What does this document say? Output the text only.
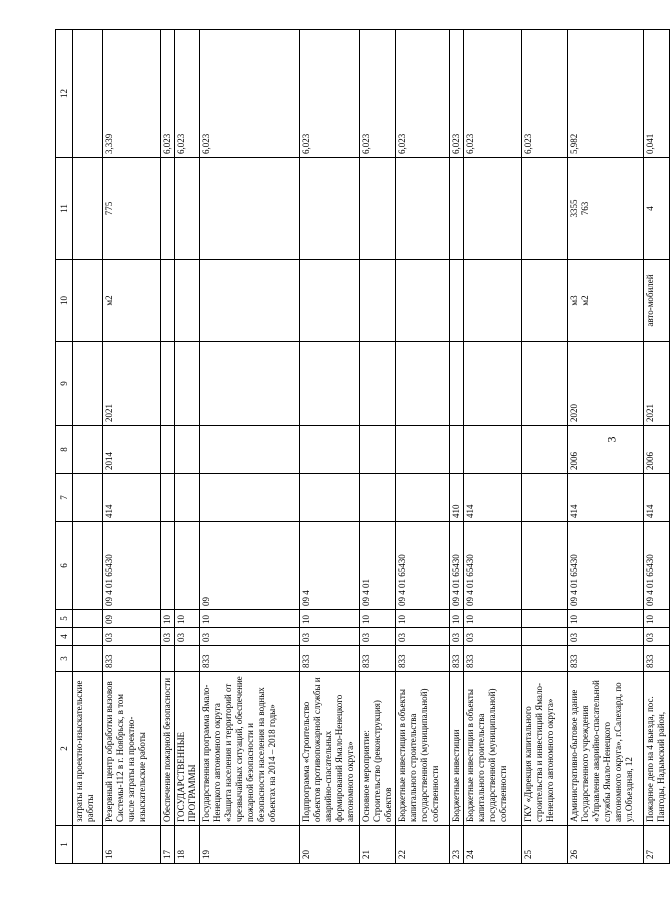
3
1	2	3	4	5	6	7	8	9	10	11	12

	затраты на проектно-изыскательские работы										

16	Резервный центр обработки вызовов Системы-112 в г. Ноябрьск, в том числе затраты на проектно-изыскательские работы	833	03	09	09 4 01 65430	414	2014	2021	м2	775	3,339

17	Обеспечение пожарной безопасности		03	10							6,023

18	ГОСУДАРСТВЕННЫЕ ПРОГРАММЫ		03	10							6,023

19	Государственная программа Ямало-Ненецкого автономного округа «Защита населения и территорий от чрезвычайных ситуаций, обеспечение пожарной безопасности и безопасности населения на водных объектах на 2014 – 2018 годы»	833	03	10	09						6,023

20	Подпрограмма «Строительство объектов противопожарной службы и аварийно-спасательных формирований Ямало-Ненецкого автономного округа»	833	03	10	09 4						6,023

21	Основное мероприятие: Строительство (реконструкция) объектов	833	03	10	09 4 01						6,023

22	Бюджетные инвестиции в объекты капитального строительства государственной (муниципальной) собственности	833	03	10	09 4 01 65430						6,023

23	Бюджетные инвестиции	833	03	10	09 4 01 65430	410					6,023

24	Бюджетные инвестиции в объекты капитального строительства государственной (муниципальной) собственности	833	03	10	09 4 01 65430	414					6,023

25	ГКУ «Дирекция капитального строительства и инвестиций Ямало-Ненецкого автономного округа»										6,023

26	Административно-бытовое здание Государственного учреждения «Управление аварийно-спасательной службы Ямало-Ненецкого автономного округа», г.Салехард, по ул.Объездная, 12	833	03	10	09 4 01 65430	414	2006	2020	м3 м2	3355 763	5,982

27	Пожарное депо на 4 выезда, пос. Пангоды, Надымский район,	833	03	10	09 4 01 65430	414	2006	2021	авто-мобилей	4	0,041
